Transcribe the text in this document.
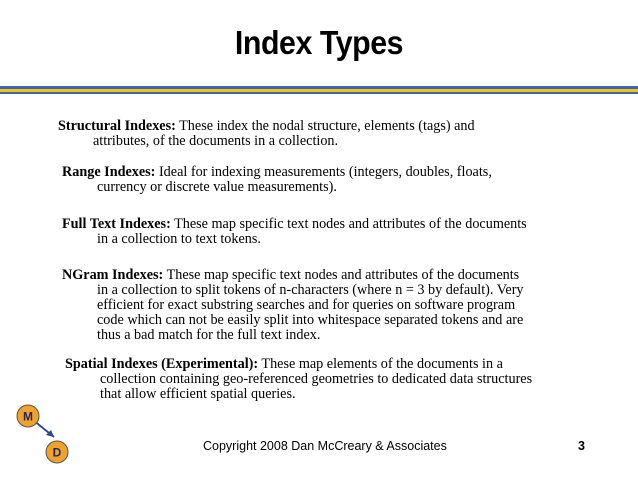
Index Types
Structural Indexes: These index the nodal structure, elements (tags) and
attributes, of the documents in a collection.
Range Indexes: Ideal for indexing measurements (integers, doubles, floats,
currency or discrete value measurements).
Full Text Indexes: These map specific text nodes and attributes of the documents
in a collection to text tokens.
NGram Indexes: These map specific text nodes and attributes of the documents
in a collection to split tokens of n-characters (where n = 3 by default). Very
efficient for exact substring searches and for queries on software program
code which can not be easily split into whitespace separated tokens and are
thus a bad match for the full text index.
Spatial Indexes (Experimental): These map elements of the documents in a
collection containing geo-referenced geometries to dedicated data structures
that allow efficient spatial queries.
M
D	Copyright 2008 Dan McCreary & Associates	3
